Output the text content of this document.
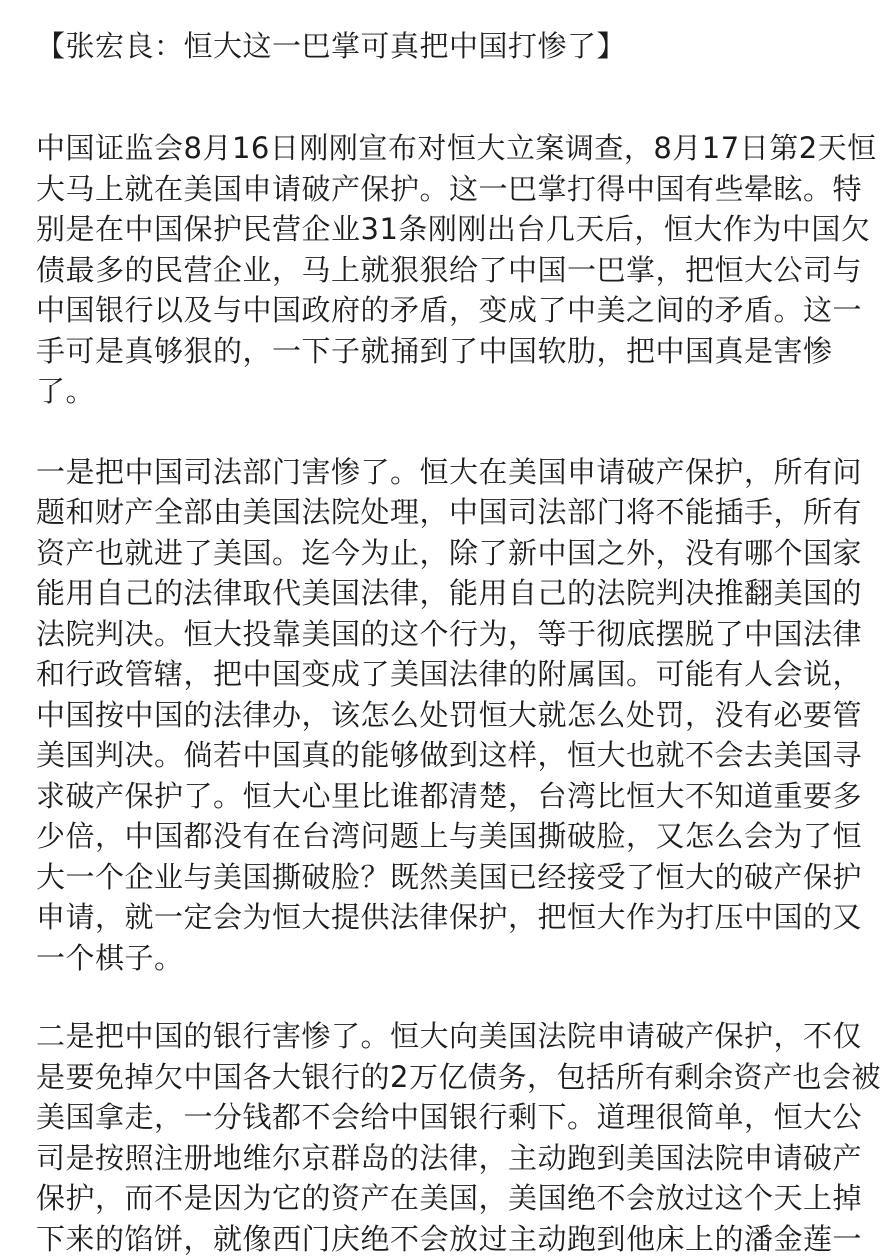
【张宏良：恒大这一巴掌可真把中国打惨了】

中国证监会8月16日刚刚宣布对恒大立案调查，8月17日第2天恒
大马上就在美国申请破产保护。这一巴掌打得中国有些晕眩。特
别是在中国保护民营企业31条刚刚出台几天后，恒大作为中国欠
债最多的民营企业，马上就狠狠给了中国一巴掌，把恒大公司与
中国银行以及与中国政府的矛盾，变成了中美之间的矛盾。这一
手可是真够狠的，一下子就捅到了中国软肋，把中国真是害惨
了。

一是把中国司法部门害惨了。恒大在美国申请破产保护，所有问
题和财产全部由美国法院处理，中国司法部门将不能插手，所有
资产也就进了美国。迄今为止，除了新中国之外，没有哪个国家
能用自己的法律取代美国法律，能用自己的法院判决推翻美国的
法院判决。恒大投靠美国的这个行为，等于彻底摆脱了中国法律
和行政管辖，把中国变成了美国法律的附属国。可能有人会说，
中国按中国的法律办，该怎么处罚恒大就怎么处罚，没有必要管
美国判决。倘若中国真的能够做到这样，恒大也就不会去美国寻
求破产保护了。恒大心里比谁都清楚，台湾比恒大不知道重要多
少倍，中国都没有在台湾问题上与美国撕破脸，又怎么会为了恒
大一个企业与美国撕破脸？既然美国已经接受了恒大的破产保护
申请，就一定会为恒大提供法律保护，把恒大作为打压中国的又
一个棋子。

二是把中国的银行害惨了。恒大向美国法院申请破产保护，不仅
是要免掉欠中国各大银行的2万亿债务，包括所有剩余资产也会被
美国拿走，一分钱都不会给中国银行剩下。道理很简单，恒大公
司是按照注册地维尔京群岛的法律，主动跑到美国法院申请破产
保护，而不是因为它的资产在美国，美国绝不会放过这个天上掉
下来的馅饼，就像西门庆绝不会放过主动跑到他床上的潘金莲一
